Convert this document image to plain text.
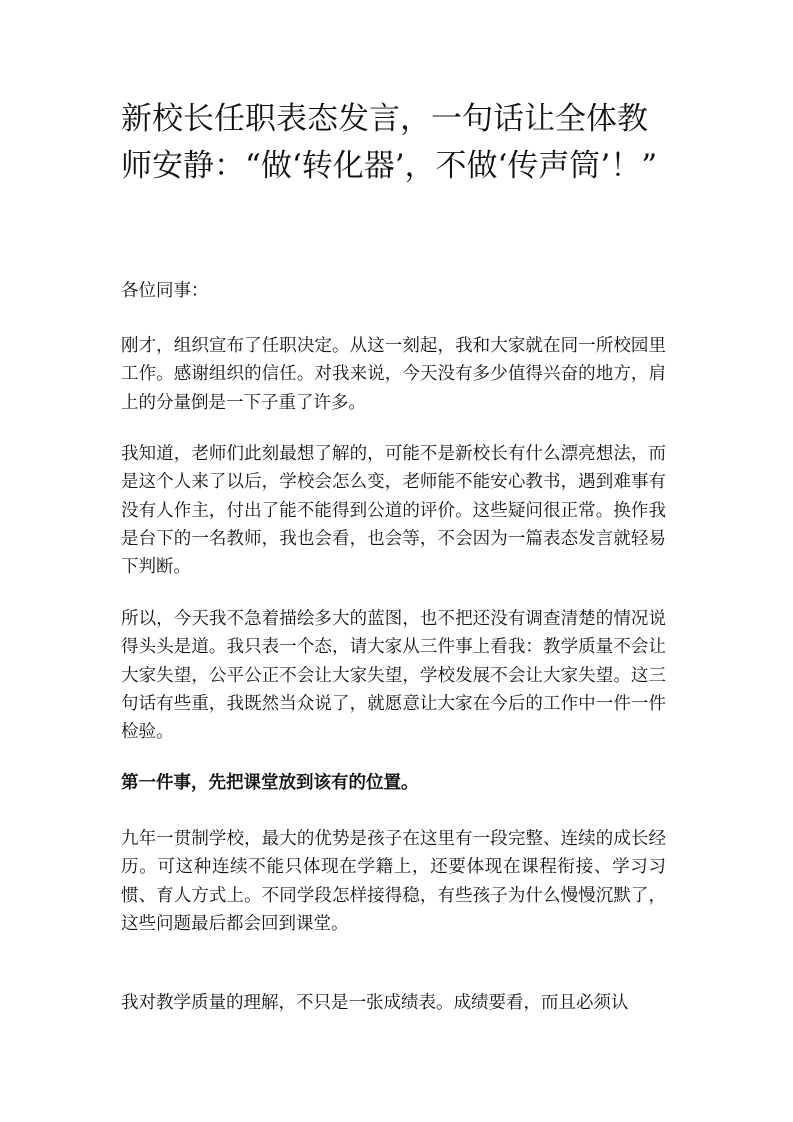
新校长任职表态发言，一句话让全体教师安静：“做‘转化器’，不做‘传声筒’！”

各位同事：

刚才，组织宣布了任职决定。从这一刻起，我和大家就在同一所校园里工作。感谢组织的信任。对我来说，今天没有多少值得兴奋的地方，肩上的分量倒是一下子重了许多。

我知道，老师们此刻最想了解的，可能不是新校长有什么漂亮想法，而是这个人来了以后，学校会怎么变，老师能不能安心教书，遇到难事有没有人作主，付出了能不能得到公道的评价。这些疑问很正常。换作我是台下的一名教师，我也会看，也会等，不会因为一篇表态发言就轻易下判断。

所以，今天我不急着描绘多大的蓝图，也不把还没有调查清楚的情况说得头头是道。我只表一个态，请大家从三件事上看我：教学质量不会让大家失望，公平公正不会让大家失望，学校发展不会让大家失望。这三句话有些重，我既然当众说了，就愿意让大家在今后的工作中一件一件检验。

第一件事，先把课堂放到该有的位置。

九年一贯制学校，最大的优势是孩子在这里有一段完整、连续的成长经历。可这种连续不能只体现在学籍上，还要体现在课程衔接、学习习惯、育人方式上。不同学段怎样接得稳，有些孩子为什么慢慢沉默了，这些问题最后都会回到课堂。

我对教学质量的理解，不只是一张成绩表。成绩要看，而且必须认
